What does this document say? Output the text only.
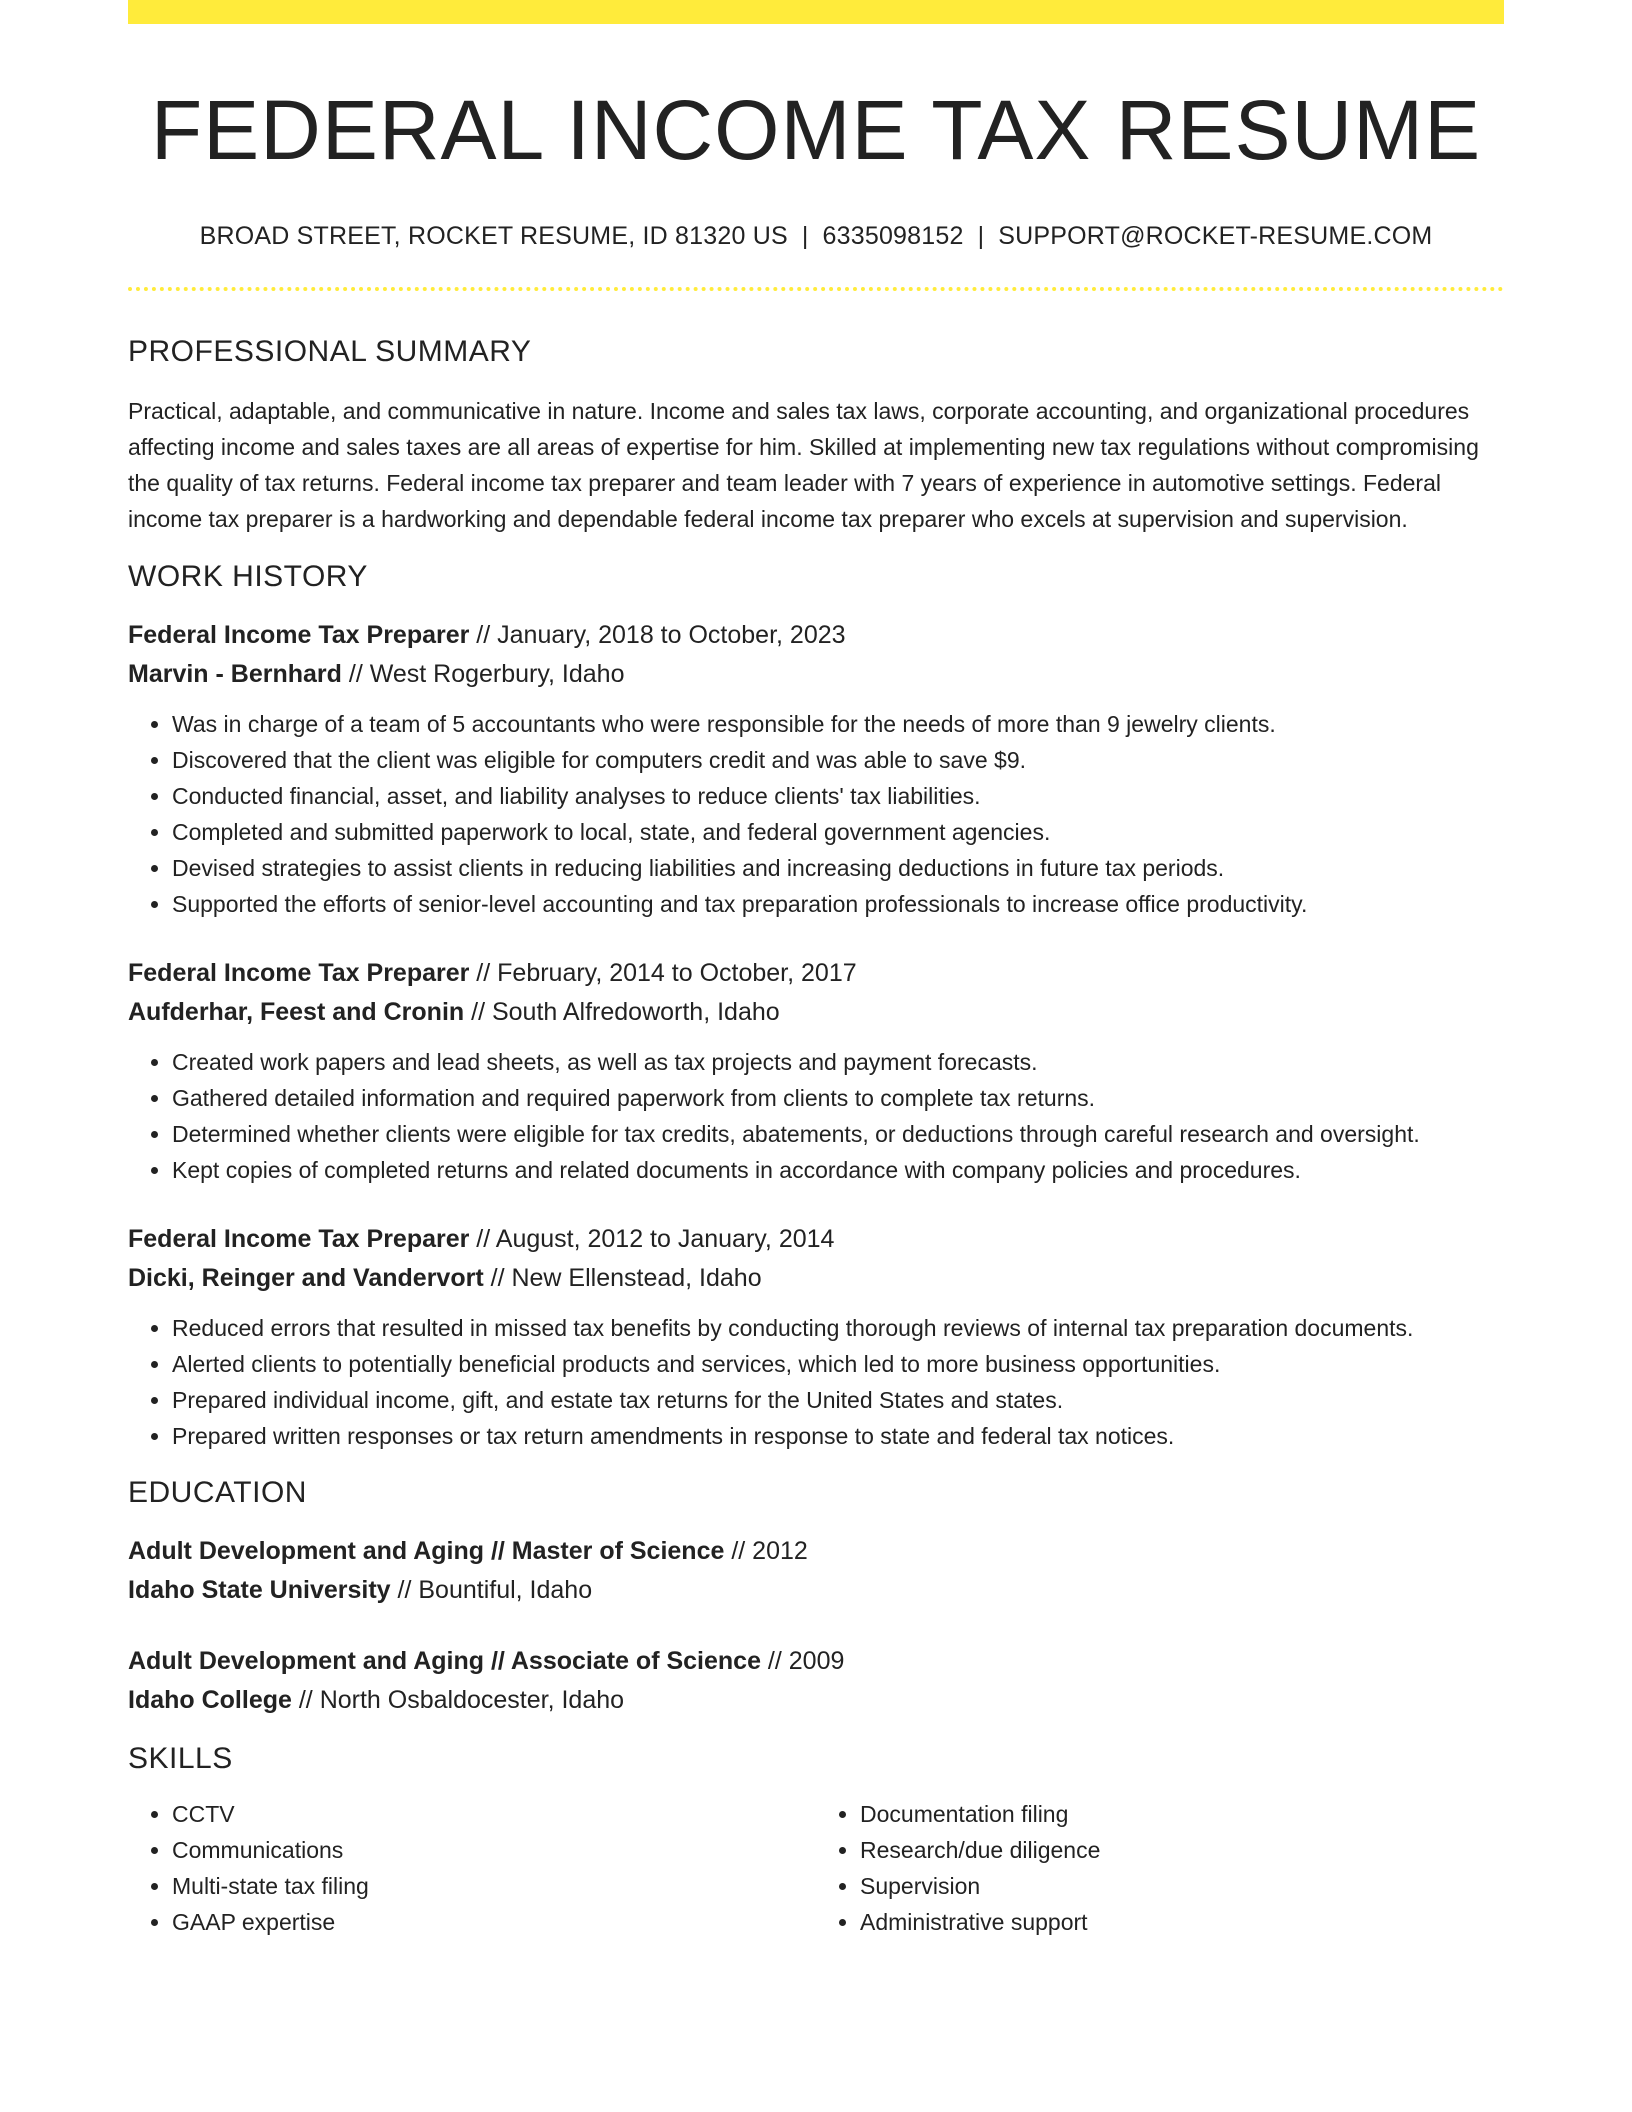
FEDERAL INCOME TAX RESUME
BROAD STREET, ROCKET RESUME, ID 81320 US | 6335098152 | SUPPORT@ROCKET-RESUME.COM
PROFESSIONAL SUMMARY

Practical, adaptable, and communicative in nature. Income and sales tax laws, corporate accounting, and organizational procedures affecting income and sales taxes are all areas of expertise for him. Skilled at implementing new tax regulations without compromising the quality of tax returns. Federal income tax preparer and team leader with 7 years of experience in automotive settings. Federal income tax preparer is a hardworking and dependable federal income tax preparer who excels at supervision and supervision.

WORK HISTORY
Federal Income Tax Preparer // January, 2018 to October, 2023
Marvin - Bernhard // West Rogerbury, Idaho
• Was in charge of a team of 5 accountants who were responsible for the needs of more than 9 jewelry clients.
• Discovered that the client was eligible for computers credit and was able to save $9.
• Conducted financial, asset, and liability analyses to reduce clients' tax liabilities.
• Completed and submitted paperwork to local, state, and federal government agencies.
• Devised strategies to assist clients in reducing liabilities and increasing deductions in future tax periods.
• Supported the efforts of senior-level accounting and tax preparation professionals to increase office productivity.
Federal Income Tax Preparer // February, 2014 to October, 2017
Aufderhar, Feest and Cronin // South Alfredoworth, Idaho
• Created work papers and lead sheets, as well as tax projects and payment forecasts.
• Gathered detailed information and required paperwork from clients to complete tax returns.
• Determined whether clients were eligible for tax credits, abatements, or deductions through careful research and oversight.
• Kept copies of completed returns and related documents in accordance with company policies and procedures.
Federal Income Tax Preparer // August, 2012 to January, 2014
Dicki, Reinger and Vandervort // New Ellenstead, Idaho
• Reduced errors that resulted in missed tax benefits by conducting thorough reviews of internal tax preparation documents.
• Alerted clients to potentially beneficial products and services, which led to more business opportunities.
• Prepared individual income, gift, and estate tax returns for the United States and states.
• Prepared written responses or tax return amendments in response to state and federal tax notices.
EDUCATION
Adult Development and Aging // Master of Science // 2012
Idaho State University // Bountiful, Idaho
Adult Development and Aging // Associate of Science // 2009
Idaho College // North Osbaldocester, Idaho
SKILLS
• CCTV
• Communications
• Multi-state tax filing
• GAAP expertise
• Documentation filing
• Research/due diligence
• Supervision
• Administrative support
